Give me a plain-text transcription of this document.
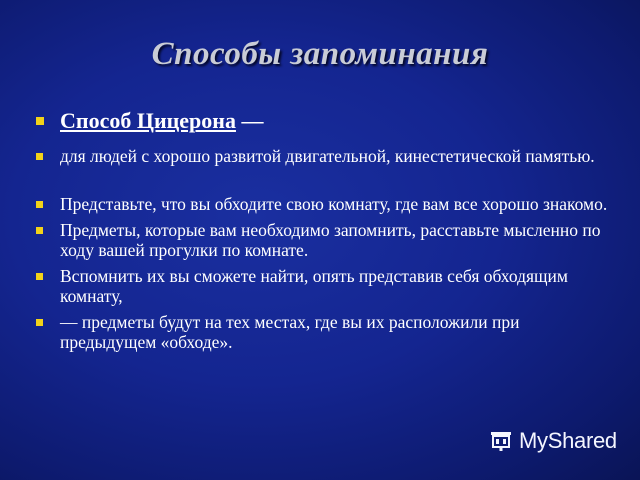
Способы запоминания
Способ Цицерона —
для людей с хорошо развитой двигательной, кинестетической памятью.
Представьте, что вы обходите свою комнату, где вам все хорошо знакомо.
Предметы, которые вам необходимо запомнить, расставьте мысленно по ходу вашей прогулки по комнате.
Вспомнить их вы сможете найти, опять представив себя обходящим комнату,
— предметы будут на тех местах, где вы их расположили при предыдущем «обходе».
MyShared
